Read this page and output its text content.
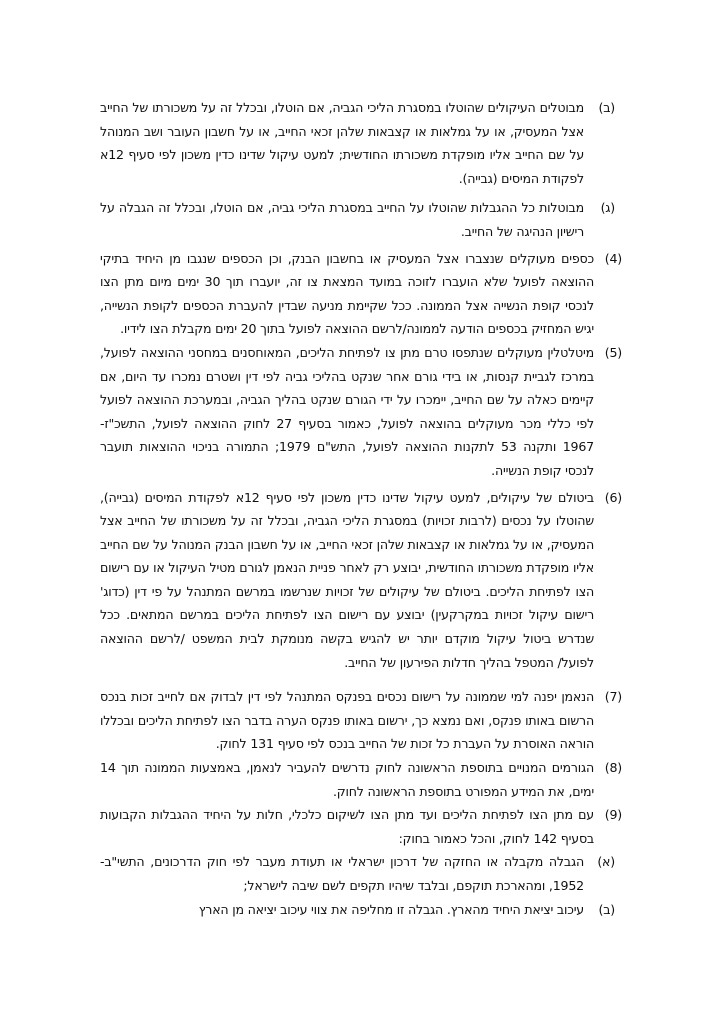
(ב)
מבוטלים העיקולים שהוטלו במסגרת הליכי הגביה, אם הוטלו, ובכלל זה על משכורתו של החייב אצל המעסיק, או על גמלאות או קצבאות שלהן זכאי החייב, או על חשבון העובר ושב המנוהל על שם החייב אליו מופקדת משכורתו החודשית; למעט עיקול שדינו כדין משכון לפי סעיף 12א לפקודת המיסים (גבייה).
(ג)
מבוטלות כל ההגבלות שהוטלו על החייב במסגרת הליכי גביה, אם הוטלו, ובכלל זה הגבלה על רישיון הנהיגה של החייב.
(4)
כספים מעוקלים שנצברו אצל המעסיק או בחשבון הבנק, וכן הכספים שנגבו מן היחיד בתיקי ההוצאה לפועל שלא הועברו לזוכה במועד המצאת צו זה, יועברו תוך 30 ימים מיום מתן הצו לנכסי קופת הנשייה אצל הממונה. ככל שקיימת מניעה שבדין להעברת הכספים לקופת הנשייה, יגיש המחזיק בכספים הודעה לממונה/לרשם ההוצאה לפועל בתוך 20 ימים מקבלת הצו לידיו.
(5)
מיטלטלין מעוקלים שנתפסו טרם מתן צו לפתיחת הליכים, המאוחסנים במחסני ההוצאה לפועל, במרכז לגביית קנסות, או בידי גורם אחר שנקט בהליכי גביה לפי דין ושטרם נמכרו עד היום, אם קיימים כאלה על שם החייב, יימכרו על ידי הגורם שנקט בהליך הגביה, ובמערכת ההוצאה לפועל לפי כללי מכר מעוקלים בהוצאה לפועל, כאמור בסעיף 27 לחוק ההוצאה לפועל, התשכ"ז- 1967 ותקנה 53 לתקנות ההוצאה לפועל, התש"ם 1979; התמורה בניכוי ההוצאות תועבר לנכסי קופת הנשייה.
(6)
ביטולם של עיקולים, למעט עיקול שדינו כדין משכון לפי סעיף 12א לפקודת המיסים (גבייה), שהוטלו על נכסים (לרבות זכויות) במסגרת הליכי הגביה, ובכלל זה על משכורתו של החייב אצל המעסיק, או על גמלאות או קצבאות שלהן זכאי החייב, או על חשבון הבנק המנוהל על שם החייב אליו מופקדת משכורתו החודשית, יבוצע רק לאחר פניית הנאמן לגורם מטיל העיקול או עם רישום הצו לפתיחת הליכים. ביטולם של עיקולים של זכויות שנרשמו במרשם המתנהל על פי דין (כדוג' רישום עיקול זכויות במקרקעין) יבוצע עם רישום הצו לפתיחת הליכים במרשם המתאים. ככל שנדרש ביטול עיקול מוקדם יותר יש להגיש בקשה מנומקת לבית המשפט /לרשם ההוצאה לפועל/ המטפל בהליך חדלות הפירעון של החייב.
(7)
הנאמן יפנה למי שממונה על רישום נכסים בפנקס המתנהל לפי דין לבדוק אם לחייב זכות בנכס הרשום באותו פנקס, ואם נמצא כך, ירשום באותו פנקס הערה בדבר הצו לפתיחת הליכים ובכללו הוראה האוסרת על העברת כל זכות של החייב בנכס לפי סעיף 131 לחוק.
(8)
הגורמים המנויים בתוספת הראשונה לחוק נדרשים להעביר לנאמן, באמצעות הממונה תוך 14 ימים, את המידע המפורט בתוספת הראשונה לחוק.
(9)
עם מתן הצו לפתיחת הליכים ועד מתן הצו לשיקום כלכלי, חלות על היחיד ההגבלות הקבועות בסעיף 142 לחוק, והכל כאמור בחוק:
(א)
הגבלה מקבלה או החזקה של דרכון ישראלי או תעודת מעבר לפי חוק הדרכונים, התשי"ב- 1952, ומהארכת תוקפם, ובלבד שיהיו תקפים לשם שיבה לישראל;
(ב)
עיכוב יציאת היחיד מהארץ. הגבלה זו מחליפה את צווי עיכוב יציאה מן הארץ
